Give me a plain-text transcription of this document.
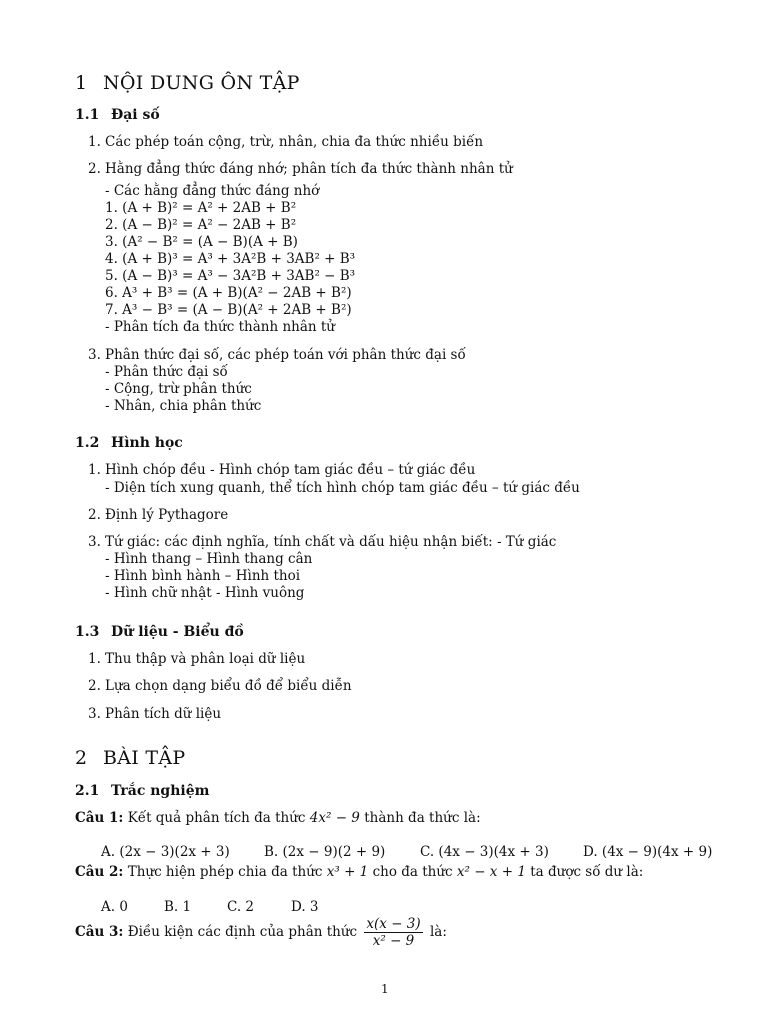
1 NỘI DUNG ÔN TẬP
1.1 Đại số
1. Các phép toán cộng, trừ, nhân, chia đa thức nhiều biến
2. Hằng đẳng thức đáng nhớ; phân tích đa thức thành nhân tử
- Các hằng đẳng thức đáng nhớ
1. (A + B)² = A² + 2AB + B²
2. (A − B)² = A² − 2AB + B²
3. (A² − B² = (A − B)(A + B)
4. (A + B)³ = A³ + 3A²B + 3AB² + B³
5. (A − B)³ = A³ − 3A²B + 3AB² − B³
6. A³ + B³ = (A + B)(A² − 2AB + B²)
7. A³ − B³ = (A − B)(A² + 2AB + B²)
- Phân tích đa thức thành nhân tử
3. Phân thức đại số, các phép toán với phân thức đại số
- Phân thức đại số
- Cộng, trừ phân thức
- Nhân, chia phân thức
1.2 Hình học
1. Hình chóp đều - Hình chóp tam giác đều – tứ giác đều
- Diện tích xung quanh, thể tích hình chóp tam giác đều – tứ giác đều
2. Định lý Pythagore
3. Tứ giác: các định nghĩa, tính chất và dấu hiệu nhận biết: - Tứ giác
- Hình thang – Hình thang cân
- Hình bình hành – Hình thoi
- Hình chữ nhật - Hình vuông
1.3 Dữ liệu - Biểu đồ
1. Thu thập và phân loại dữ liệu
2. Lựa chọn dạng biểu đồ để biểu diễn
3. Phân tích dữ liệu
2 BÀI TẬP
2.1 Trắc nghiệm
Câu 1: Kết quả phân tích đa thức 4x² − 9 thành đa thức là:
A. (2x − 3)(2x + 3)	B. (2x − 9)(2 + 9)	C. (4x − 3)(4x + 3)	D. (4x − 9)(4x + 9)
Câu 2: Thực hiện phép chia đa thức x³ + 1 cho đa thức x² − x + 1 ta được số dư là:
A. 0	B. 1	C. 2	D. 3
Câu 3: Điều kiện các định của phân thức $\frac{x(x - 3)}{\text{x² − 9}}$ là:
1
